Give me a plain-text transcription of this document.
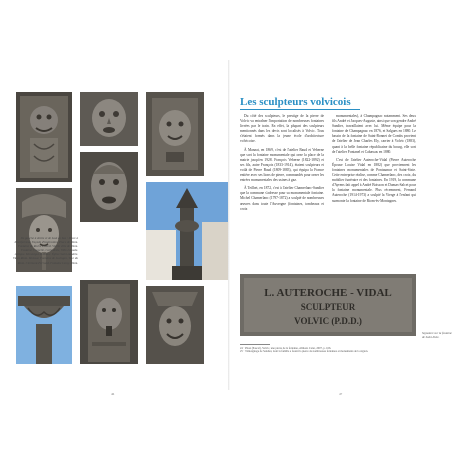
De gauche à droite et de haut en bas : Place à Montferrand. Façade d'inspiration. Place de Riom. Fontaine de Roche Pillard. Vieille ville de Riom. Fontaine Chapelle, Cathédrale, Ville-Chaude. Antique. Montaigut-le-Blanc. Église Saint-Amable. Vieux Riom. Moissat. Fontaine de Lucinges, Tour du Riom. Clermont-Ferrand. Fontaine Leroy. Riom.
46
Les sculpteurs volvicois

Du côté des sculpteurs, le prestige de la pierre de Volvic va entraîner l'importation de nombreuses fontaines livrées par le train. En effet, la plupart des sculpteurs mentionnés dans les devis sont localisés à Volvic. Tous s'étaient formés dans la jeune école d'architecture volvicoise.

À Manzat, en 1869, c'est de l'atelier Baud et Veberne que sort la fontaine monumentale qui orne la place de la mairie jusqu'en 1928. François Veberne (1822-1892) et ses fils, autre François (1833-1914), étaient sculpteurs et voilà de Pierre Baud (1809-1883), qui équipa la France entière avec ses lions de pierre, commandés pour orner les entrées monumentales des usines à gaz.

À Teilhet, en 1872, c'est à l'atelier Chamerlanc-Sandier que la commune s'adresse pour sa monumentale fontaine. Michel Chamerlanc (1797-1872) a sculpté de nombreuses œuvres dans toute l'Auvergne (fontaines, tombeaux et croix

monumentales), à Champagnac notamment. Ses deux fils André et Jacques-Auguste, ainsi que son gendre André Sandier, travaillaient avec lui. Même équipe pour la fontaine de Champagnac en 1876, et Salgues en 1880. Le bassin de la fontaine de Saint-Bonnet de Combs provient de l'atelier de Jean Charles Ely, carrier à Volvic (1883), quant à la belle fontaine républicaine du bourg, elle sort de l'atelier Fontanel et Cabassas en 1880.

C'est de l'atelier Auteroche-Vidal (Pierre Auteroche Épouse Louise Vidal en 1882) que proviennent les fontaines monumentales de Pontaumur et Saint-Sixte. Cette entreprise réalise, comme Chamerlanc, des croix, du mobilier funéraire et des fontaines. En 1919, la commune d'Ayrens fait appel à André Boisson et Dumas-Salcet pour la fontaine monumentale. Plus récemment, Fernand Auteroche (1914-1973) a sculpté la Vierge à l'enfant qui surmonte la fontaine de Riom-ès-Montagnes.

L. AUTEROCHE - VIDAL
SCULPTEUR
VOLVIC (P.D.D.)
Signature sur la fontaine de Saint-Sixte.
24 · Piton (Pascal), Volvic, une pierre de la fontaine, éditions Créer, 2007, p. 166.
25 · Témoignage de Sandier, dont la famille a fourni la pierre de nombreuses fontaines et monuments de la région.
47
